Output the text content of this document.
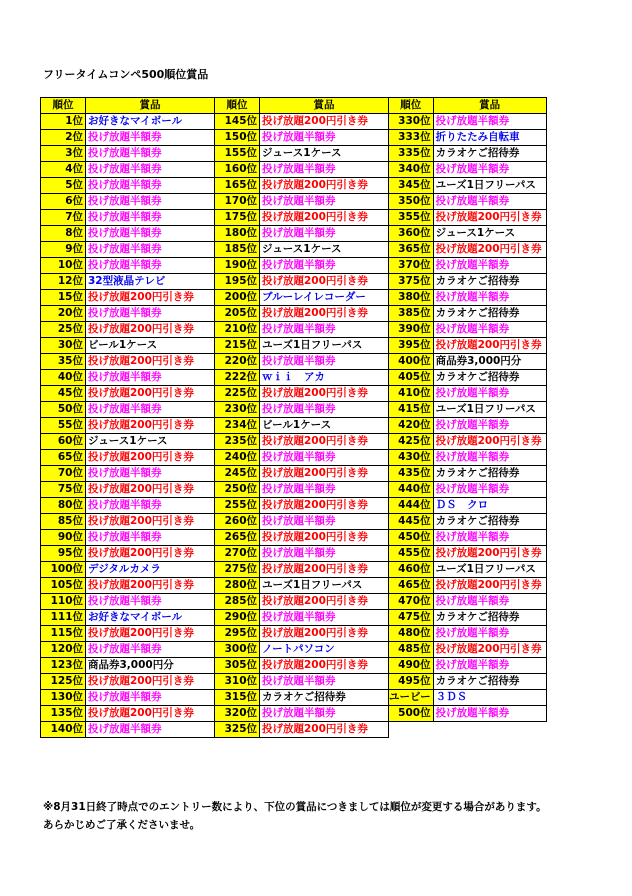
フリータイムコンペ500順位賞品
順位	賞品	順位	賞品	順位	賞品
1位	お好きなマイボール	145位	投げ放題200円引き券	330位	投げ放題半額券
2位	投げ放題半額券	150位	投げ放題半額券	333位	折りたたみ自転車
3位	投げ放題半額券	155位	ジュース1ケース	335位	カラオケご招待券
4位	投げ放題半額券	160位	投げ放題半額券	340位	投げ放題半額券
5位	投げ放題半額券	165位	投げ放題200円引き券	345位	ユーズ1日フリーパス
6位	投げ放題半額券	170位	投げ放題半額券	350位	投げ放題半額券
7位	投げ放題半額券	175位	投げ放題200円引き券	355位	投げ放題200円引き券
8位	投げ放題半額券	180位	投げ放題半額券	360位	ジュース1ケース
9位	投げ放題半額券	185位	ジュース1ケース	365位	投げ放題200円引き券
10位	投げ放題半額券	190位	投げ放題半額券	370位	投げ放題半額券
12位	32型液晶テレビ	195位	投げ放題200円引き券	375位	カラオケご招待券
15位	投げ放題200円引き券	200位	ブルーレイレコーダー	380位	投げ放題半額券
20位	投げ放題半額券	205位	投げ放題200円引き券	385位	カラオケご招待券
25位	投げ放題200円引き券	210位	投げ放題半額券	390位	投げ放題半額券
30位	ビール1ケース	215位	ユーズ1日フリーパス	395位	投げ放題200円引き券
35位	投げ放題200円引き券	220位	投げ放題半額券	400位	商品券3,000円分
40位	投げ放題半額券	222位	ｗｉｉ　アカ	405位	カラオケご招待券
45位	投げ放題200円引き券	225位	投げ放題200円引き券	410位	投げ放題半額券
50位	投げ放題半額券	230位	投げ放題半額券	415位	ユーズ1日フリーパス
55位	投げ放題200円引き券	234位	ビール1ケース	420位	投げ放題半額券
60位	ジュース1ケース	235位	投げ放題200円引き券	425位	投げ放題200円引き券
65位	投げ放題200円引き券	240位	投げ放題半額券	430位	投げ放題半額券
70位	投げ放題半額券	245位	投げ放題200円引き券	435位	カラオケご招待券
75位	投げ放題200円引き券	250位	投げ放題半額券	440位	投げ放題半額券
80位	投げ放題半額券	255位	投げ放題200円引き券	444位	ＤＳ　クロ
85位	投げ放題200円引き券	260位	投げ放題半額券	445位	カラオケご招待券
90位	投げ放題半額券	265位	投げ放題200円引き券	450位	投げ放題半額券
95位	投げ放題200円引き券	270位	投げ放題半額券	455位	投げ放題200円引き券
100位	デジタルカメラ	275位	投げ放題200円引き券	460位	ユーズ1日フリーパス
105位	投げ放題200円引き券	280位	ユーズ1日フリーパス	465位	投げ放題200円引き券
110位	投げ放題半額券	285位	投げ放題200円引き券	470位	投げ放題半額券
111位	お好きなマイボール	290位	投げ放題半額券	475位	カラオケご招待券
115位	投げ放題200円引き券	295位	投げ放題200円引き券	480位	投げ放題半額券
120位	投げ放題半額券	300位	ノートパソコン	485位	投げ放題200円引き券
123位	商品券3,000円分	305位	投げ放題200円引き券	490位	投げ放題半額券
125位	投げ放題200円引き券	310位	投げ放題半額券	495位	カラオケご招待券
130位	投げ放題半額券	315位	カラオケご招待券	ユービー	３ＤＳ
135位	投げ放題200円引き券	320位	投げ放題半額券	500位	投げ放題半額券
140位	投げ放題半額券	325位	投げ放題200円引き券		
※8月31日終了時点でのエントリー数により、下位の賞品につきましては順位が変更する場合があります。
あらかじめご了承くださいませ。
